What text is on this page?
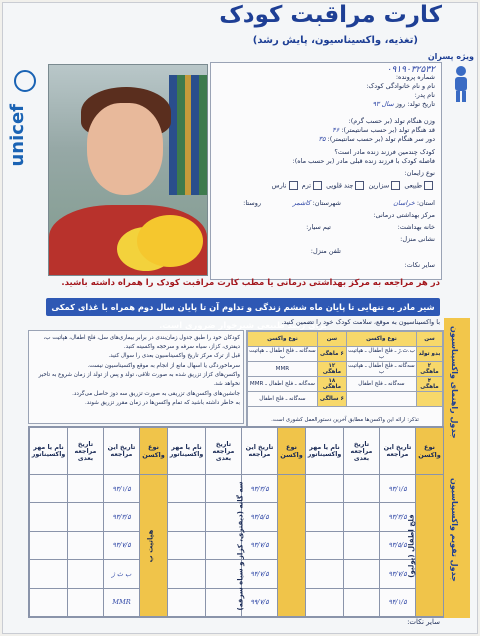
کارت مراقبت کودک
(تغذیه، واکسیناسیون، پایش رشد)
unicef
۰۹۱۹۰۳۲۵۳۲
شماره پرونده:
نام و نام خانوادگی کودک:
نام پدر:
تاریخ تولد: روز سال ۹۳
وزن هنگام تولد (بر حسب گرم):
قد هنگام تولد (بر حسب سانتیمتر): ۴۶
دور سر هنگام تولد (بر حسب سانتیمتر): ۳۵
کودک چندمین فرزند زنده مادر است؟
فاصله کودک با فرزند زنده قبلی مادر (بر حسب ماه):
نوع زایمان:
طبیعی سزارین چند قلویی ترم نارس
استان: خراسان
شهرستان: کاشمر
روستا:
مرکز بهداشتی درمانی:
خانه بهداشت:
تیم سیار:
نشانی منزل:
تلفن منزل:
سایر نکات:
ویژه پسران
در هر مراجعه به مرکز بهداشتی درمانی یا مطب کارت مراقبت کودک را همراه داشته باشید.
شیر مادر به تنهایی تا پایان ماه ششم زندگی و تداوم آن تا پایان سال دوم همراه با غذای کمکی برای رشد طبیعی شیرخوار ضروری است.
با واکسیناسیون به موقع، سلامت کودک خود را تضمین کنید.

کودکان خود را طبق جدول زمان‌بندی در برابر بیماری‌های سل، فلج اطفال، هپاتیت ب، دیفتری، کزاز، سیاه سرفه و سرخجه واکسینه کنید.

قبل از ترک مرکز تاریخ واکسیناسیون بعدی را سوال کنید.

سرماخوردگی یا اسهال مانع از انجام به موقع واکسیناسیون نیست.

واکسن‌های کزاز تزریق شده به صورت تلاقی، تولد و پس از تولد از زمان شروع به تاخیر نخواهد شد.

جانشین‌های واکسن‌های تزریقی به صورت تزریق سه دوز حاصل می‌گردد.

به خاطر داشته باشید که تمام واکسن‌ها در زمان مقرر تزریق شوند.

سن	نوع واکسن	سن	نوع واکسن
بدو تولد	ب.ث.ژ ـ فلج اطفال ـ هپاتیت ب	۶ ماهگی	سه‌گانه ـ فلج اطفال ـ هپاتیت ب
۲ ماهگی	سه‌گانه ـ فلج اطفال ـ هپاتیت ب	۱۲ ماهگی	MMR
۴ ماهگی	سه‌گانه ـ فلج اطفال	۱۸ ماهگی	سه‌گانه ـ فلج اطفال ـ MMR
		۶ سالگی	سه‌گانه ـ فلج اطفال
تذکر: ارائه این واکسن‌ها مطابق آخرین دستورالعمل کشوری است.				جدول راهنمای واکسیناسیون
جدول تقویم واکسیناسیون
نوع واکسن	تاریخ این مراجعه	تاریخ مراجعه بعدی	نام یا مهر واکسیناتور	نوع واکسن	تاریخ این مراجعه	تاریخ مراجعه بعدی	نام یا مهر واکسیناتور	نوع واکسن	تاریخ این مراجعه	تاریخ مراجعه بعدی	نام یا مهر واکسیناتور
فلج اطفال (پولیو)	۹۳/۱/۵			سه گانه (دیفتری، کزاز و سیاه سرفه)	۹۳/۳/۵			هپاتیت ب	۹۳/۱/۵		
	۹۳/۳/۵				۹۳/۵/۵				۹۳/۳/۵		
	۹۳/۵/۵				۹۳/۷/۵				۹۳/۷/۵		
	۹۳/۷/۵				۹۴/۷/۵				ب ث ژ		
	۹۴/۱/۵				۹۹/۷/۵				MMR		
سایر نکات:
